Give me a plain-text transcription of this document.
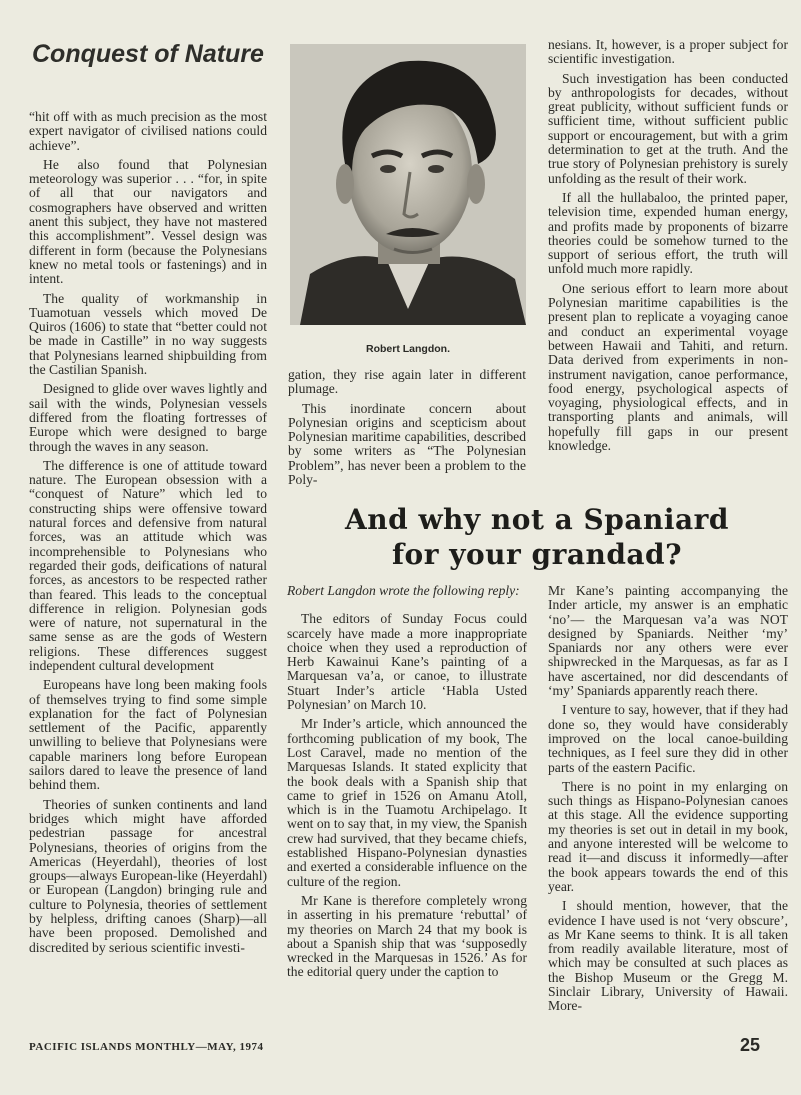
Conquest of Nature

“hit off with as much precision as the most expert navigator of civilised nations could achieve”.

He also found that Polynesian meteorology was superior . . . “for, in spite of all that our navigators and cosmographers have observed and written anent this subject, they have not mastered this accomplishment”. Vessel design was different in form (because the Polynesians knew no metal tools or fastenings) and in intent.

The quality of workmanship in Tuamotuan vessels which moved De Quiros (1606) to state that “better could not be made in Castille” in no way suggests that Polynesians learned shipbuilding from the Castilian Spanish.

Designed to glide over waves lightly and sail with the winds, Polynesian vessels differed from the floating fortresses of Europe which were designed to barge through the waves in any season.

The difference is one of attitude toward nature. The European obsession with a “conquest of Nature” which led to constructing ships were offensive toward natural forces and defensive from natural forces, was an attitude which was incomprehensible to Polynesians who regarded their gods, deifications of natural forces, as ancestors to be respected rather than feared. This leads to the conceptual difference in religion. Polynesian gods were of nature, not supernatural in the same sense as are the gods of Western religions. These differences suggest independent cultural development

Europeans have long been making fools of themselves trying to find some simple explanation for the fact of Polynesian settlement of the Pacific, apparently unwilling to believe that Polynesians were capable mariners long before European sailors dared to leave the presence of land behind them.

Theories of sunken continents and land bridges which might have afforded pedestrian passage for ancestral Polynesians, theories of origins from the Americas (Heyerdahl), theories of lost groups—always European-like (Heyerdahl) or European (Langdon) bringing rule and culture to Polynesia, theories of settlement by helpless, drifting canoes (Sharp)—all have been proposed. Demolished and discredited by serious scientific investi-

Robert Langdon.

gation, they rise again later in different plumage.

This inordinate concern about Polynesian origins and scepticism about Polynesian maritime capabilities, described by some writers as “The Polynesian Problem”, has never been a problem to the Poly-

nesians. It, however, is a proper subject for scientific investigation.

Such investigation has been conducted by anthropologists for decades, without great publicity, without sufficient funds or sufficient time, without sufficient public support or encouragement, but with a grim determination to get at the truth. And the true story of Polynesian prehistory is surely unfolding as the result of their work.

If all the hullabaloo, the printed paper, television time, expended human energy, and profits made by proponents of bizarre theories could be somehow turned to the support of serious effort, the truth will unfold much more rapidly.

One serious effort to learn more about Polynesian maritime capabilities is the present plan to replicate a voyaging canoe and conduct an experimental voyage between Hawaii and Tahiti, and return. Data derived from experiments in non-instrument navigation, canoe performance, food energy, psychological aspects of voyaging, physiological effects, and in transporting plants and animals, will hopefully fill gaps in our present knowledge.

And why not a Spaniard
for your grandad?

Robert Langdon wrote the following reply:

The editors of Sunday Focus could scarcely have made a more inappropriate choice when they used a reproduction of Herb Kawainui Kane’s painting of a Marquesan va’a, or canoe, to illustrate Stuart Inder’s article ‘Habla Usted Polynesian’ on March 10.

Mr Inder’s article, which announced the forthcoming publication of my book, The Lost Caravel, made no mention of the Marquesas Islands. It stated explicity that the book deals with a Spanish ship that came to grief in 1526 on Amanu Atoll, which is in the Tuamotu Archipelago. It went on to say that, in my view, the Spanish crew had survived, that they became chiefs, established Hispano-Polynesian dynasties and exerted a considerable influence on the culture of the region.

Mr Kane is therefore completely wrong in asserting in his premature ‘rebuttal’ of my theories on March 24 that my book is about a Spanish ship that was ‘supposedly wrecked in the Marquesas in 1526.’ As for the editorial query under the caption to

Mr Kane’s painting accompanying the Inder article, my answer is an emphatic ‘no’— the Marquesan va’a was NOT designed by Spaniards. Neither ‘my’ Spaniards nor any others were ever shipwrecked in the Marquesas, as far as I have ascertained, nor did descendants of ‘my’ Spaniards apparently reach there.

I venture to say, however, that if they had done so, they would have considerably improved on the local canoe-building techniques, as I feel sure they did in other parts of the eastern Pacific.

There is no point in my enlarging on such things as Hispano-Polynesian canoes at this stage. All the evidence supporting my theories is set out in detail in my book, and anyone interested will be welcome to read it—and discuss it informedly—after the book appears towards the end of this year.

I should mention, however, that the evidence I have used is not ‘very obscure’, as Mr Kane seems to think. It is all taken from readily available literature, most of which may be consulted at such places as the Bishop Museum or the Gregg M. Sinclair Library, University of Hawaii. More-

PACIFIC ISLANDS MONTHLY—MAY, 1974	25
